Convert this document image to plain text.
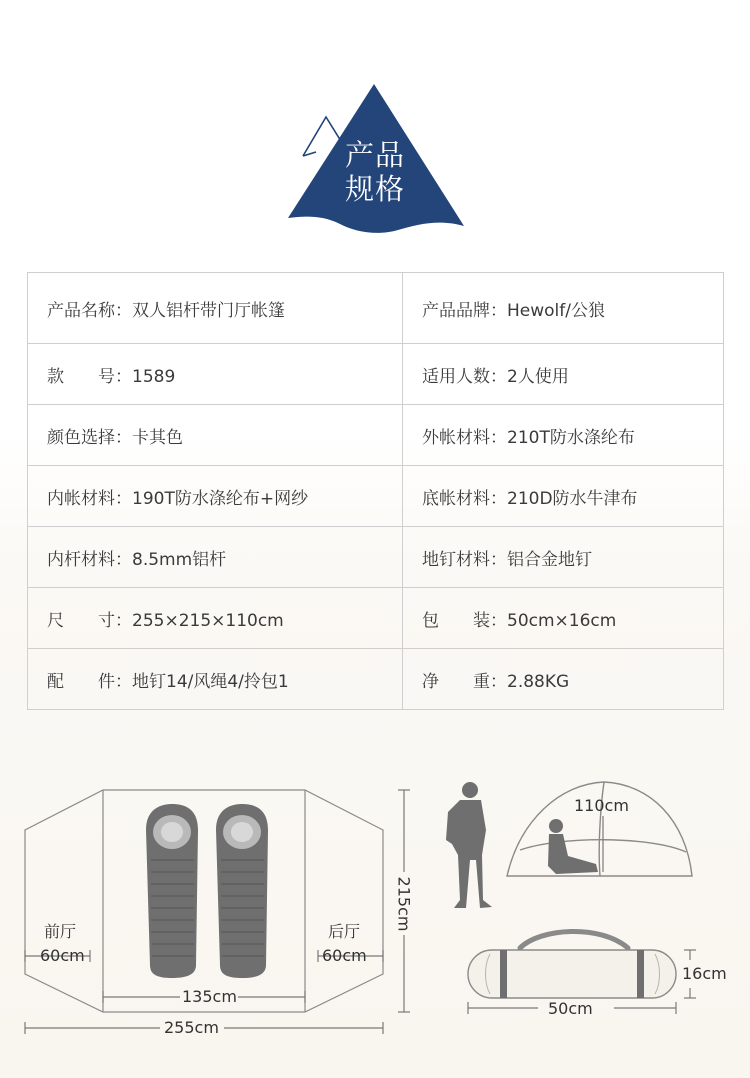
产品
规格
产品名称：双人铝杆带门厅帐篷	产品品牌：Hewolf/公狼
款 号：1589	适用人数：2人使用
颜色选择：卡其色	外帐材料：210T防水涤纶布
内帐材料：190T防水涤纶布+网纱	底帐材料：210D防水牛津布
内杆材料：8.5mm铝杆	地钉材料：铝合金地钉
尺 寸：255×215×110cm	包 装：50cm×16cm
配 件：地钉14/风绳4/拎包1	净 重：2.88KG
前厅
60cm
后厅
60cm
135cm
255cm
215cm
110cm
50cm
16cm
